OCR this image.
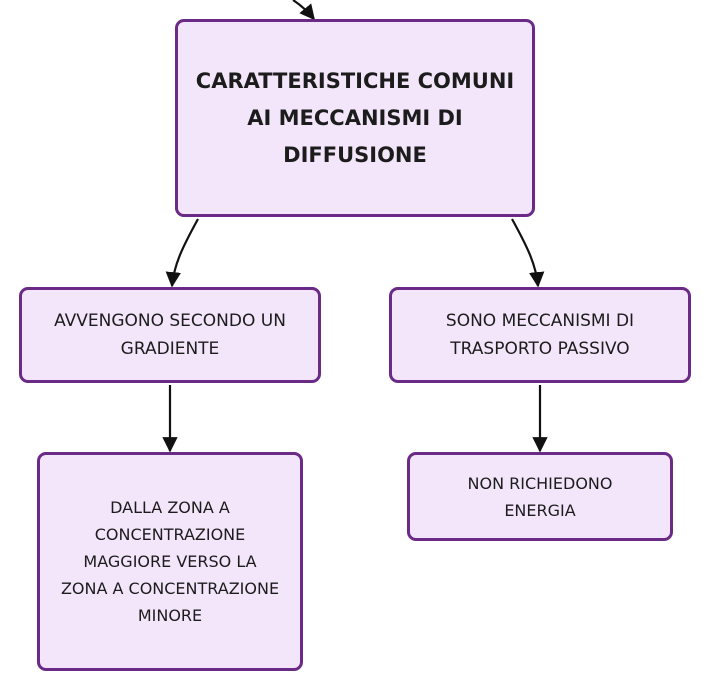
CARATTERISTICHE COMUNI
AI MECCANISMI DI
DIFFUSIONE
AVVENGONO SECONDO UN
GRADIENTE
SONO MECCANISMI DI
TRASPORTO PASSIVO
DALLA ZONA A
CONCENTRAZIONE
MAGGIORE VERSO LA
ZONA A CONCENTRAZIONE
MINORE
NON RICHIEDONO
ENERGIA
